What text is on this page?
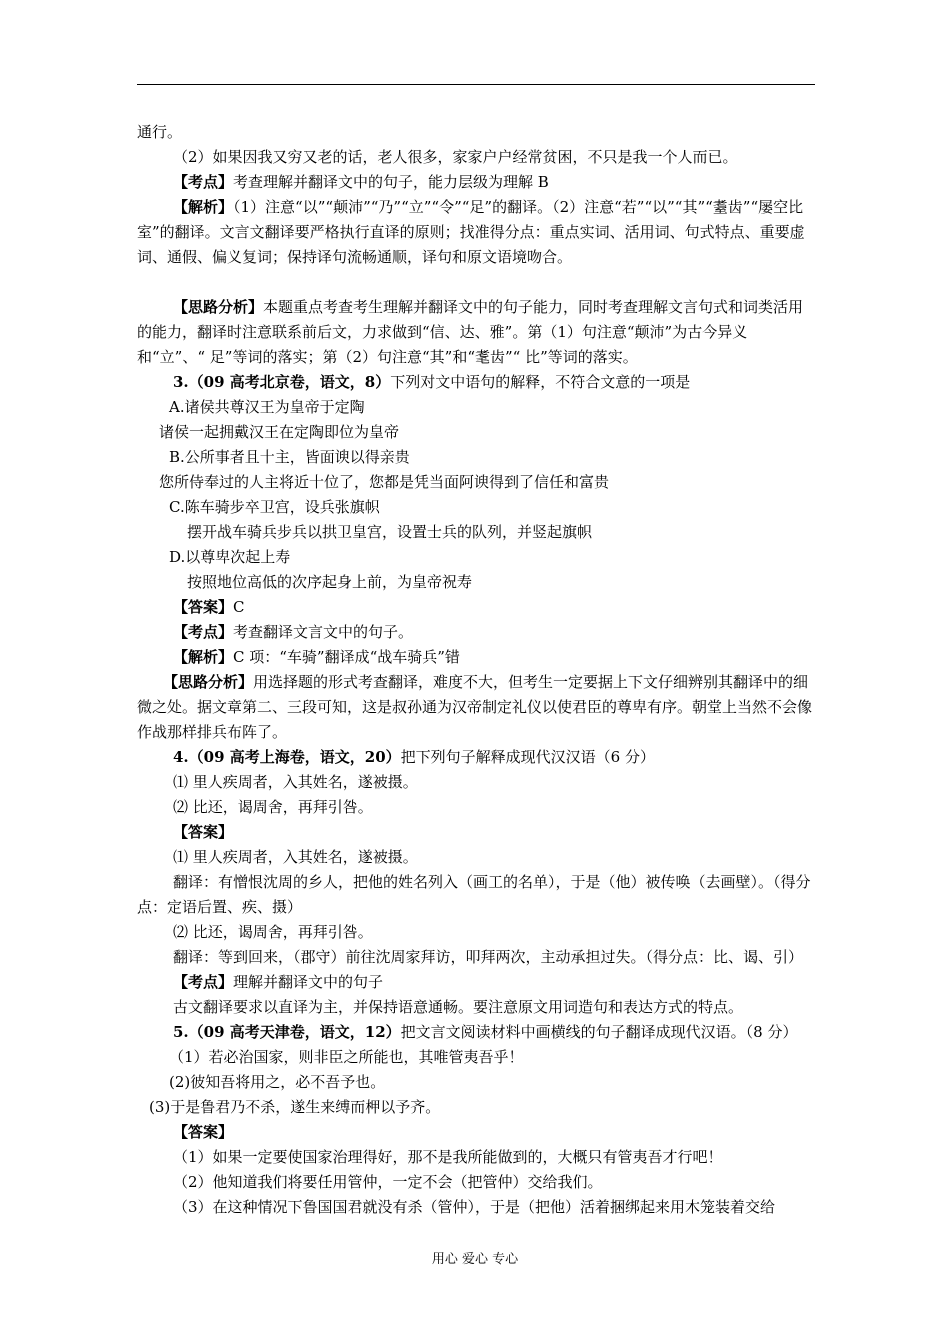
通行。
（2）如果因我又穷又老的话，老人很多，家家户户经常贫困，不只是我一个人而已。
【考点】考查理解并翻译文中的句子，能力层级为理解 B
【解析】（1）注意“以”“颠沛”“乃”“立”“令”“足”的翻译。（2）注意“若”“以”“其”“耋齿”“屡空比室”的翻译。文言文翻译要严格执行直译的原则；找准得分点：重点实词、活用词、句式特点、重要虚词、通假、偏义复词；保持译句流畅通顺，译句和原文语境吻合。
【思路分析】本题重点考查考生理解并翻译文中的句子能力，同时考查理解文言句式和词类活用的能力，翻译时注意联系前后文，力求做到“信、达、雅”。第（1）句注意“颠沛”为古今异义和“立”、“ 足”等词的落实；第（2）句注意“其”和“耄齿”“ 比”等词的落实。
3.（09 高考北京卷，语文，8）下列对文中语句的解释，不符合文意的一项是
A.诸侯共尊汉王为皇帝于定陶
诸侯一起拥戴汉王在定陶即位为皇帝
B.公所事者且十主，皆面谀以得亲贵
您所侍奉过的人主将近十位了，您都是凭当面阿谀得到了信任和富贵
C.陈车骑步卒卫宫，设兵张旗帜
摆开战车骑兵步兵以拱卫皇宫，设置士兵的队列，并竖起旗帜
D.以尊卑次起上寿
按照地位高低的次序起身上前，为皇帝祝寿
【答案】C
【考点】考查翻译文言文中的句子。
【解析】C 项：“车骑”翻译成“战车骑兵”错
【思路分析】用选择题的形式考查翻译，难度不大，但考生一定要据上下文仔细辨别其翻译中的细微之处。据文章第二、三段可知，这是叔孙通为汉帝制定礼仪以使君臣的尊卑有序。朝堂上当然不会像作战那样排兵布阵了。
4.（09 高考上海卷，语文，20）把下列句子解释成现代汉汉语（6 分）
⑴ 里人疾周者，入其姓名，遂被摄。
⑵ 比还，谒周舍，再拜引咎。
【答案】
⑴ 里人疾周者，入其姓名，遂被摄。
翻译：有憎恨沈周的乡人，把他的姓名列入（画工的名单），于是（他）被传唤（去画壁）。（得分点：定语后置、疾、摄）
⑵ 比还，谒周舍，再拜引咎。
翻译：等到回来，（郡守）前往沈周家拜访，叩拜两次，主动承担过失。（得分点：比、谒、引）
【考点】理解并翻译文中的句子
古文翻译要求以直译为主，并保持语意通畅。要注意原文用词造句和表达方式的特点。
5.（09 高考天津卷，语文，12）把文言文阅读材料中画横线的句子翻译成现代汉语。（8 分）
（1）若必治国家，则非臣之所能也，其唯管夷吾乎！
(2)彼知吾将用之，必不吾予也。
(3)于是鲁君乃不杀，遂生来缚而柙以予齐。
【答案】
（1）如果一定要使国家治理得好，那不是我所能做到的，大概只有管夷吾才行吧！
（2）他知道我们将要任用管仲，一定不会（把管仲）交给我们。
（3）在这种情况下鲁国国君就没有杀（管仲），于是（把他）活着捆绑起来用木笼装着交给
用心 爱心 专心
